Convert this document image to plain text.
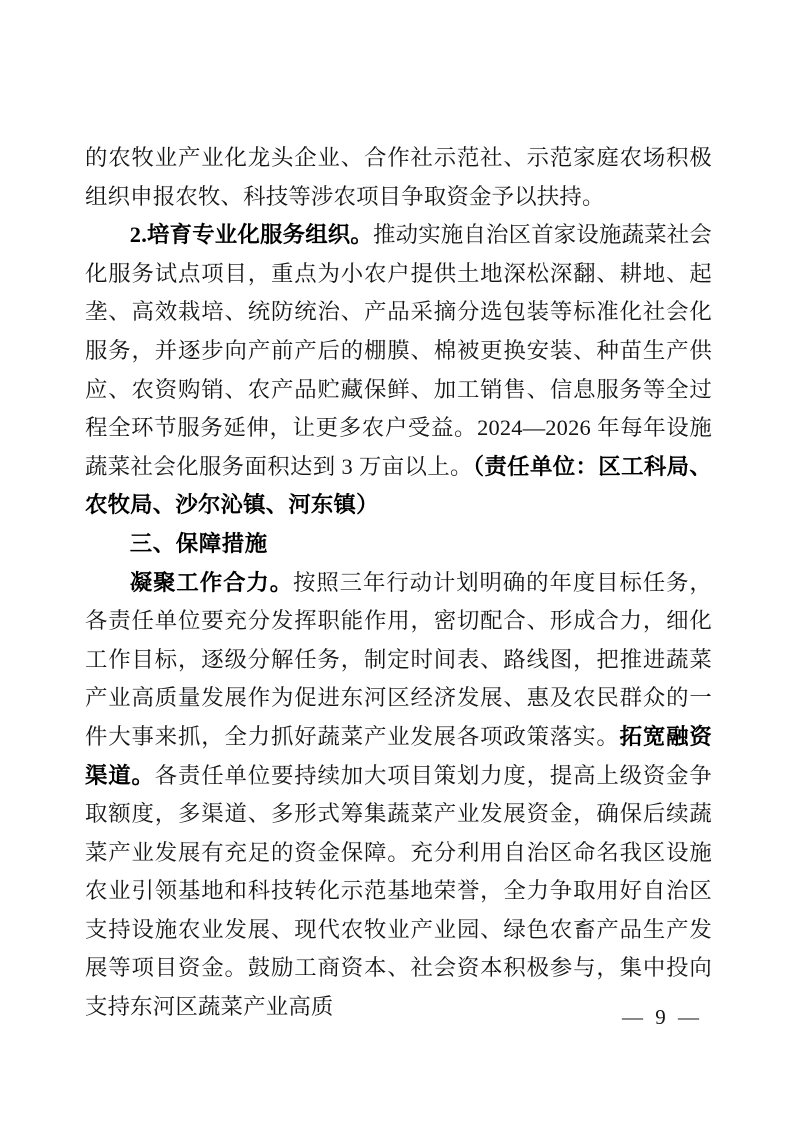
的农牧业产业化龙头企业、合作社示范社、示范家庭农场积极组织申报农牧、科技等涉农项目争取资金予以扶持。

2.培育专业化服务组织。推动实施自治区首家设施蔬菜社会化服务试点项目，重点为小农户提供土地深松深翻、耕地、起垄、高效栽培、统防统治、产品采摘分选包装等标准化社会化服务，并逐步向产前产后的棚膜、棉被更换安装、种苗生产供应、农资购销、农产品贮藏保鲜、加工销售、信息服务等全过程全环节服务延伸，让更多农户受益。2024—2026 年每年设施蔬菜社会化服务面积达到 3 万亩以上。（责任单位：区工科局、农牧局、沙尔沁镇、河东镇）

三、保障措施

凝聚工作合力。按照三年行动计划明确的年度目标任务，各责任单位要充分发挥职能作用，密切配合、形成合力，细化工作目标，逐级分解任务，制定时间表、路线图，把推进蔬菜产业高质量发展作为促进东河区经济发展、惠及农民群众的一件大事来抓，全力抓好蔬菜产业发展各项政策落实。拓宽融资渠道。各责任单位要持续加大项目策划力度，提高上级资金争取额度，多渠道、多形式筹集蔬菜产业发展资金，确保后续蔬菜产业发展有充足的资金保障。充分利用自治区命名我区设施农业引领基地和科技转化示范基地荣誉，全力争取用好自治区支持设施农业发展、现代农牧业产业园、绿色农畜产品生产发展等项目资金。鼓励工商资本、社会资本积极参与，集中投向支持东河区蔬菜产业高质	— 9 —
